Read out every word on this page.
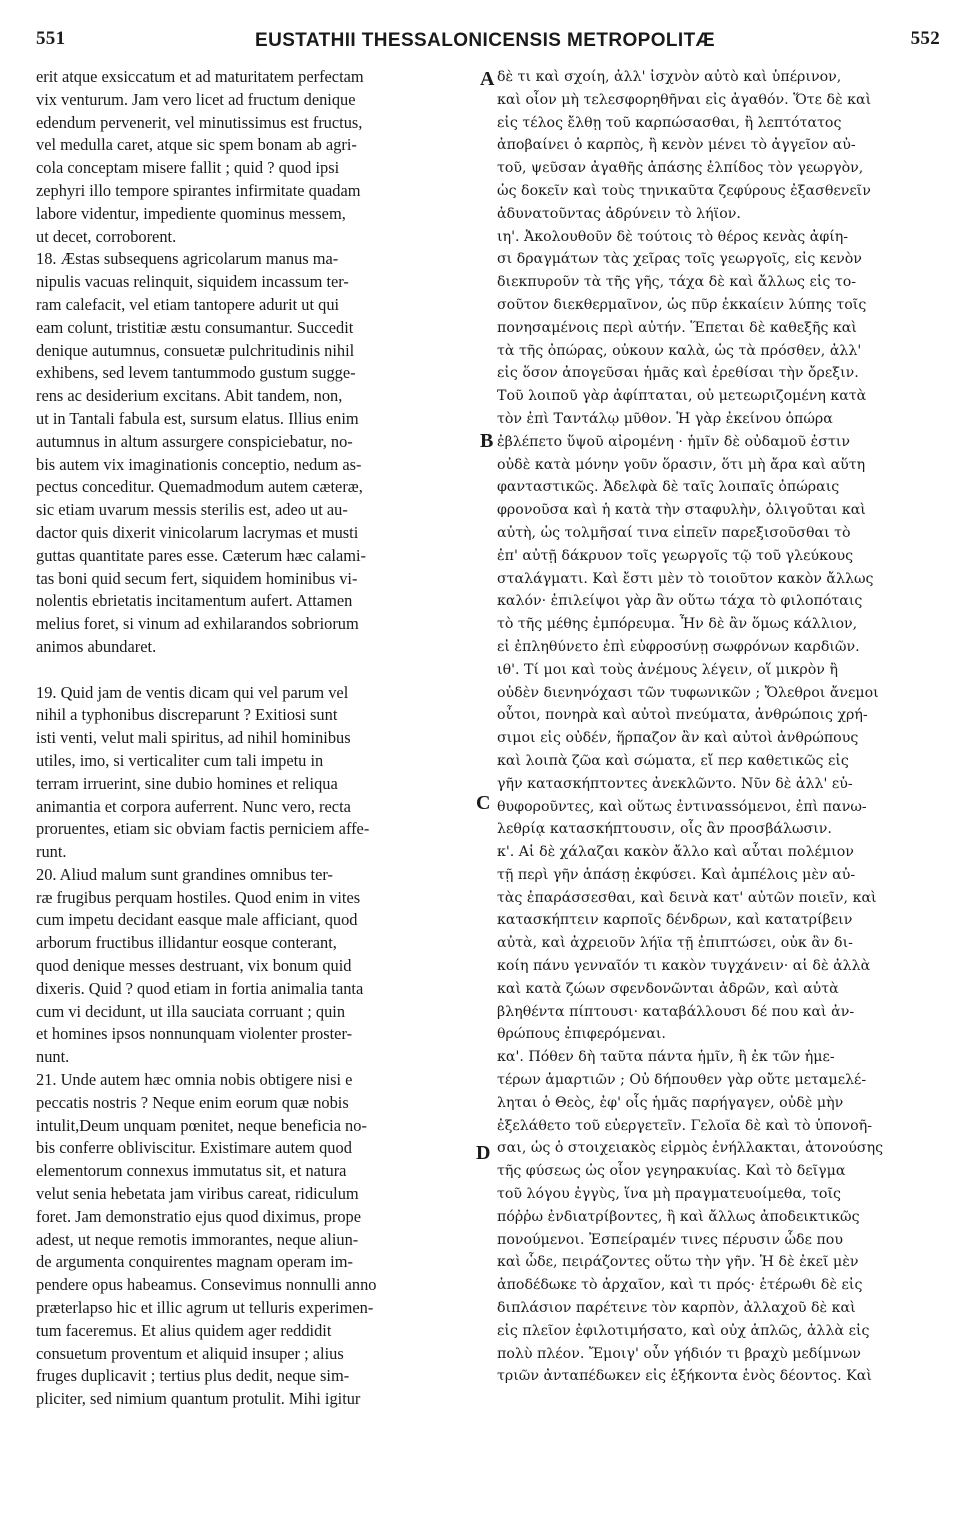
551	EUSTATHII THESSALONICENSIS METROPOLITÆ	552
A
B
C
D
erit atque exsiccatum et ad maturitatem perfectam
vix venturum. Jam vero licet ad fructum denique
edendum pervenerit, vel minutissimus est fructus,
vel medulla caret, atque sic spem bonam ab agri-
cola conceptam misere fallit ; quid ? quod ipsi
zephyri illo tempore spirantes infirmitate quadam
labore videntur, impediente quominus messem,
ut decet, corroborent.
18. Æstas subsequens agricolarum manus ma-
nipulis vacuas relinquit, siquidem incassum ter-
ram calefacit, vel etiam tantopere adurit ut qui
eam colunt, tristitiæ æstu consumantur. Succedit
denique autumnus, consuetæ pulchritudinis nihil
exhibens, sed levem tantummodo gustum sugge-
rens ac desiderium excitans. Abit tandem, non,
ut in Tantali fabula est, sursum elatus. Illius enim
autumnus in altum assurgere conspiciebatur, no-
bis autem vix imaginationis conceptio, nedum as-
pectus conceditur. Quemadmodum autem cæteræ,
sic etiam uvarum messis sterilis est, adeo ut au-
dactor quis dixerit vinicolarum lacrymas et musti
guttas quantitate pares esse. Cæterum hæc calami-
tas boni quid secum fert, siquidem hominibus vi-
nolentis ebrietatis incitamentum aufert. Attamen
melius foret, si vinum ad exhilarandos sobriorum
animos abundaret.
19. Quid jam de ventis dicam qui vel parum vel
nihil a typhonibus discreparunt ? Exitiosi sunt
isti venti, velut mali spiritus, ad nihil hominibus
utiles, imo, si verticaliter cum tali impetu in
terram irruerint, sine dubio homines et reliqua
animantia et corpora auferrent. Nunc vero, recta
proruentes, etiam sic obviam factis perniciem affe-
runt.
20. Aliud malum sunt grandines omnibus ter-
ræ frugibus perquam hostiles. Quod enim in vites
cum impetu decidant easque male afficiant, quod
arborum fructibus illidantur eosque conterant,
quod denique messes destruant, vix bonum quid
dixeris. Quid ? quod etiam in fortia animalia tanta
cum vi decidunt, ut illa sauciata corruant ; quin
et homines ipsos nonnunquam violenter proster-
nunt.
21. Unde autem hæc omnia nobis obtigere nisi e
peccatis nostris ? Neque enim eorum quæ nobis
intulit,Deum unquam pœnitet, neque beneficia no-
bis conferre obliviscitur. Existimare autem quod
elementorum connexus immutatus sit, et natura
velut senia hebetata jam viribus careat, ridiculum
foret. Jam demonstratio ejus quod diximus, prope
adest, ut neque remotis immorantes, neque aliun-
de argumenta conquirentes magnam operam im-
pendere opus habeamus. Consevimus nonnulli anno
præterlapso hic et illic agrum ut telluris experimen-
tum faceremus. Et alius quidem ager reddidit
consuetum proventum et aliquid insuper ; alius
fruges duplicavit ; tertius plus dedit, neque sim-
pliciter, sed nimium quantum protulit. Mihi igitur
δὲ τι καὶ σχοίη, ἀλλ' ἰσχνὸν αὐτὸ καὶ ὑπέρινον,
καὶ οἷον μὴ τελεσφορηθῆναι εἰς ἀγαθόν. Ὅτε δὲ καὶ
εἰς τέλος ἔλθῃ τοῦ καρπώσασθαι, ἢ λεπτότατος
ἀποβαίνει ὁ καρπὸς, ἢ κενὸν μένει τὸ ἀγγεῖον αὐ-
τοῦ, ψεῦσαν ἀγαθῆς ἁπάσης ἐλπίδος τὸν γεωργὸν,
ὡς δοκεῖν καὶ τοὺς τηνικαῦτα ζεφύρους ἐξασθενεῖν
ἀδυνατοῦντας ἀδρύνειν τὸ λήϊον.
ιη'. Ἀκολουθοῦν δὲ τούτοις τὸ θέρος κενὰς ἀφίη-
σι δραγμάτων τὰς χεῖρας τοῖς γεωργοῖς, εἰς κενὸν
διεκπυροῦν τὰ τῆς γῆς, τάχα δὲ καὶ ἄλλως εἰς το-
σοῦτον διεκθερμαῖνον, ὡς πῦρ ἐκκαίειν λύπης τοῖς
πονησαμένοις περὶ αὐτήν. Ἕπεται δὲ καθεξῆς καὶ
τὰ τῆς ὀπώρας, οὐκουν καλὰ, ὡς τὰ πρόσθεν, ἀλλ'
εἰς ὅσον ἀπογεῦσαι ἡμᾶς καὶ ἐρεθίσαι τὴν ὄρεξιν.
Τοῦ λοιποῦ γὰρ ἀφίπταται, οὐ μετεωριζομένη κατὰ
τὸν ἐπὶ Ταντάλῳ μῦθον. Ἡ γὰρ ἐκείνου ὀπώρα
ἐβλέπετο ὕψοῦ αἰρομένη · ἡμῖν δὲ οὐδαμοῦ ἐστιν
οὐδὲ κατὰ μόνην γοῦν ὅρασιν, ὅτι μὴ ἄρα καὶ αὕτη
φανταστικῶς. Ἀδελφὰ δὲ ταῖς λοιπαῖς ὀπώραις
φρονοῦσα καὶ ἡ κατὰ τὴν σταφυλὴν, ὀλιγοῦται καὶ
αὐτὴ, ὡς τολμῆσαί τινα εἰπεῖν παρεξισοῦσθαι τὸ
ἐπ' αὐτῇ δάκρυον τοῖς γεωργοῖς τῷ τοῦ γλεύκους
σταλάγματι. Καὶ ἔστι μὲν τὸ τοιοῦτον κακὸν ἄλλως
καλόν· ἐπιλείψοι γὰρ ἂν οὕτω τάχα τὸ φιλοπόταις
τὸ τῆς μέθης ἐμπόρευμα. Ἦν δὲ ἂν ὅμως κάλλιον,
εἰ ἐπληθύνετο ἐπὶ εὐφροσύνῃ σωφρόνων καρδιῶν.
ιθ'. Τί μοι καὶ τοὺς ἀνέμους λέγειν, οἵ μικρὸν ἢ
οὐδὲν διενηνόχασι τῶν τυφωνικῶν ; Ὄλεθροι ἄνεμοι
οὗτοι, πονηρὰ καὶ αὐτοὶ πνεύματα, ἀνθρώποις χρή-
σιμοι εἰς οὐδέν, ἥρπαζον ἂν καὶ αὐτοὶ ἀνθρώπους
καὶ λοιπὰ ζῶα καὶ σώματα, εἴ περ καθετικῶς εἰς
γῆν κατασκήπτοντες ἀνεκλῶντο. Νῦν δὲ ἀλλ' εὐ-
θυφοροῦντες, καὶ οὕτως ἐντιναssόμενοι, ἐπὶ πανω-
λεθρίᾳ κατασκήπτουσιν, οἷς ἂν προσβάλωσιν.
κ'. Αἱ δὲ χάλαζαι κακὸν ἄλλο καὶ αὗται πολέμιον
τῇ περὶ γῆν ἁπάσῃ ἐκφύσει. Καὶ ἀμπέλοις μὲν αὐ-
τὰς ἐπαράσσεσθαι, καὶ δεινὰ κατ' αὐτῶν ποιεῖν, καὶ
κατασκήπτειν καρποῖς δένδρων, καὶ κατατρίβειν
αὐτὰ, καὶ ἀχρειοῦν λήϊα τῇ ἐπιπτώσει, οὐκ ἂν δι-
κοίη πάνυ γενναῖόν τι κακὸν τυγχάνειν· αἱ δὲ ἀλλὰ
καὶ κατὰ ζώων σφενδονῶνται ἀδρῶν, καὶ αὐτὰ
βληθέντα πίπτουσι· καταβάλλουσι δέ που καὶ ἀν-
θρώπους ἐπιφερόμεναι.
κα'. Πόθεν δὴ ταῦτα πάντα ἡμῖν, ἢ ἐκ τῶν ἡμε-
τέρων ἁμαρτιῶν ; Οὐ δήπουθεν γὰρ οὔτε μεταμελέ-
ληται ὁ Θεὸς, ἐφ' οἷς ἡμᾶς παρήγαγεν, οὐδὲ μὴν
ἐξελάθετο τοῦ εὐεργετεῖν. Γελοῖα δὲ καὶ τὸ ὑπονοῆ-
σαι, ὡς ὁ στοιχειακὸς εἱρμὸς ἐνήλλακται, ἀτονούσης
τῆς φύσεως ὡς οἷον γεγηρακυίας. Καὶ τὸ δεῖγμα
τοῦ λόγου ἐγγὺς, ἵνα μὴ πραγματευοίμεθα, τοῖς
πόῤῥω ἐνδιατρίβοντες, ἢ καὶ ἄλλως ἀποδεικτικῶς
πονούμενοι. Ἐσπείραμέν τινες πέρυσιν ὧδε που
καὶ ὧδε, πειράζοντες οὕτω τὴν γῆν. Ἡ δὲ ἐκεῖ μὲν
ἀποδέδωκε τὸ ἀρχαῖον, καὶ τι πρός· ἑτέρωθι δὲ εἰς
διπλάσιον παρέτεινε τὸν καρπὸν, ἀλλαχοῦ δὲ καὶ
εἰς πλεῖον ἐφιλοτιμήσατο, καὶ οὐχ ἁπλῶς, ἀλλὰ εἰς
πολὺ πλέον. Ἔμοιγ' οὖν γήδιόν τι βραχὺ μεδίμνων
τριῶν ἀνταπέδωκεν εἰς ἑξήκοντα ἑνὸς δέοντος. Καὶ
